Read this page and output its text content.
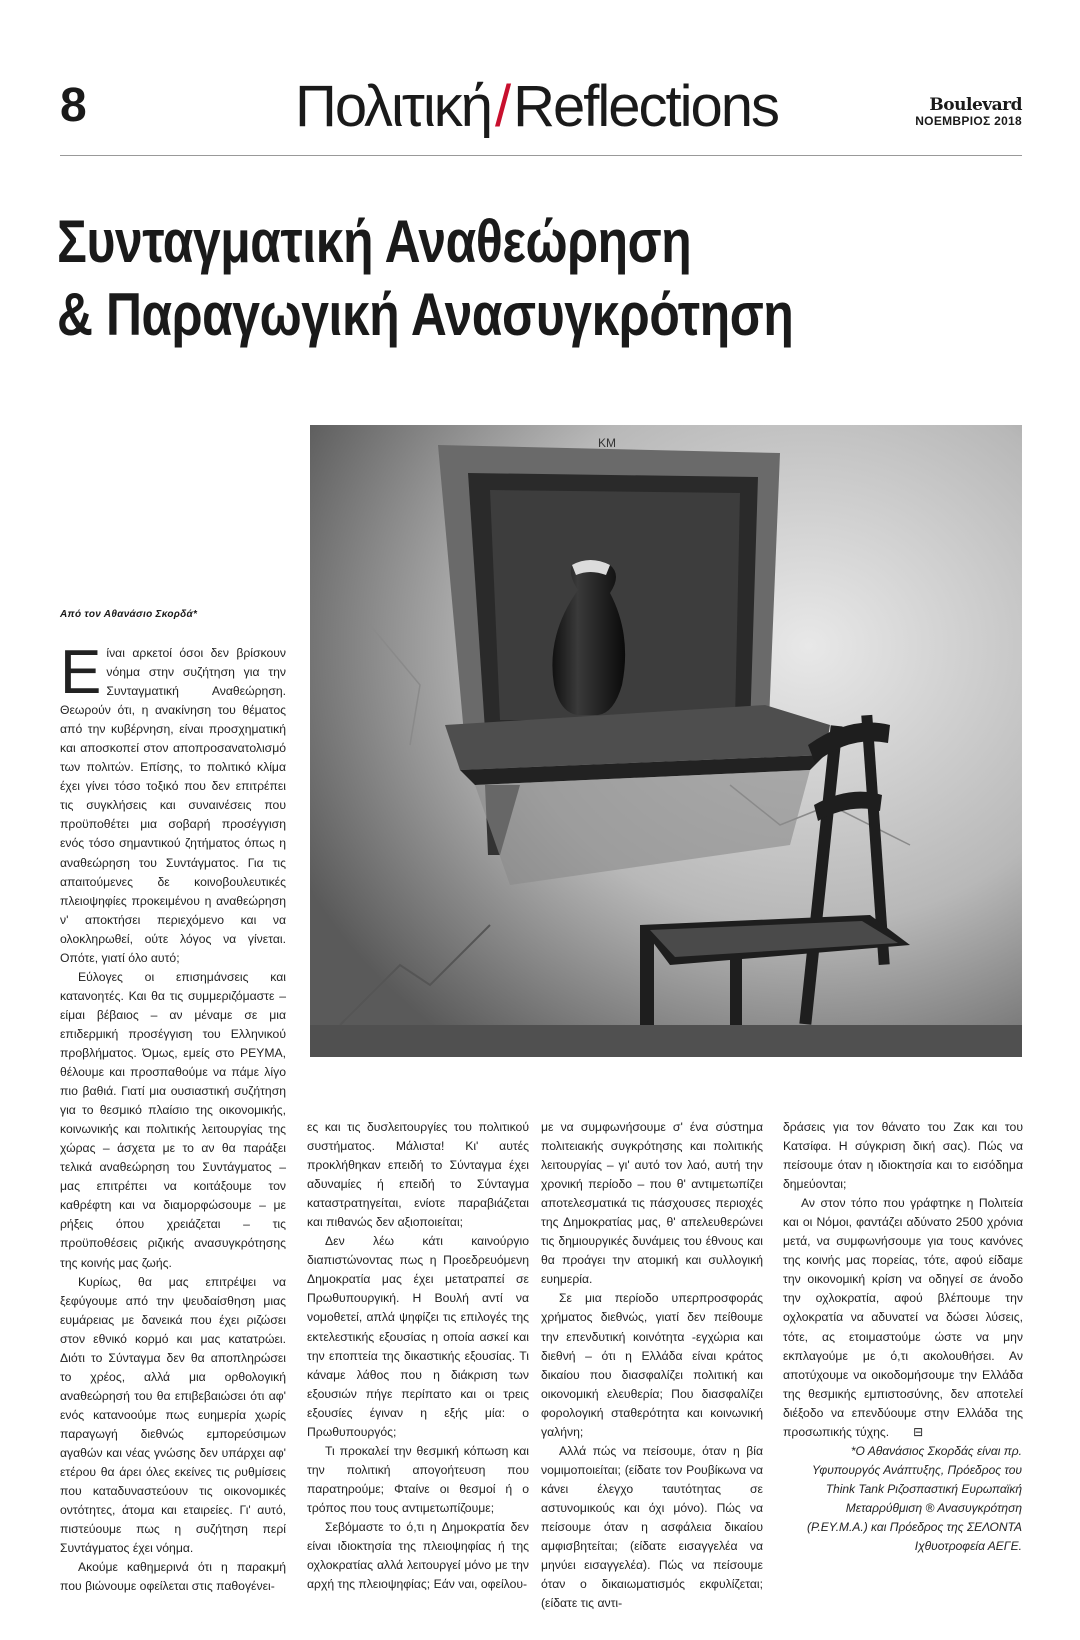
8	Πολιτική/Reflections	Boulevard
ΝΟΕΜΒΡΙΟΣ 2018
Συνταγματική Αναθεώρηση
& Παραγωγική Ανασυγκρότηση
ΚΜ
Από τον Αθανάσιο Σκορδά*

Είναι αρκετοί όσοι δεν βρίσκουν νόημα στην συζήτηση για την Συνταγματική Αναθεώρηση. Θεωρούν ότι, η ανακίνηση του θέματος από την κυβέρνηση, είναι προσχηματική και αποσκοπεί στον αποπροσανατολισμό των πολιτών. Επίσης, το πολιτικό κλίμα έχει γίνει τόσο τοξικό που δεν επιτρέπει τις συγκλήσεις και συναινέσεις που προϋποθέτει μια σοβαρή προσέγγιση ενός τόσο σημαντικού ζητήματος όπως η αναθεώρηση του Συντάγματος. Για τις απαιτούμενες δε κοινοβουλευτικές πλειοψηφίες προκειμένου η αναθεώρηση ν' αποκτήσει περιεχόμενο και να ολοκληρωθεί, ούτε λόγος να γίνεται. Οπότε, γιατί όλο αυτό;

Εύλογες οι επισημάνσεις και κατανοητές. Και θα τις συμμεριζόμαστε – είμαι βέβαιος – αν μέναμε σε μια επιδερμική προσέγγιση του Ελληνικού προβλήματος. Όμως, εμείς στο ΡΕΥΜΑ, θέλουμε και προσπαθούμε να πάμε λίγο πιο βαθιά. Γιατί μια ουσιαστική συζήτηση για το θεσμικό πλαίσιο της οικονομικής, κοινωνικής και πολιτικής λειτουργίας της χώρας – άσχετα με το αν θα παράξει τελικά αναθεώρηση του Συντάγματος – μας επιτρέπει να κοιτάξουμε τον καθρέφτη και να διαμορφώσουμε – με ρήξεις όπου χρειάζεται – τις προϋποθέσεις ριζικής ανασυγκρότησης της κοινής μας ζωής.

Κυρίως, θα μας επιτρέψει να ξεφύγουμε από την ψευδαίσθηση μιας ευμάρειας με δανεικά που έχει ριζώσει στον εθνικό κορμό και μας κατατρώει. Διότι το Σύνταγμα δεν θα αποπληρώσει το χρέος, αλλά μια ορθολογική αναθεώρησή του θα επιβεβαιώσει ότι αφ' ενός κατανοούμε πως ευημερία χωρίς παραγωγή διεθνώς εμπορεύσιμων αγαθών και νέας γνώσης δεν υπάρχει αφ' ετέρου θα άρει όλες εκείνες τις ρυθμίσεις που καταδυναστεύουν τις οικονομικές οντότητες, άτομα και εταιρείες. Γι' αυτό, πιστεύουμε πως η συζήτηση περί Συντάγματος έχει νόημα.

Ακούμε καθημερινά ότι η παρακμή που βιώνουμε οφείλεται στις παθογένει-

ες και τις δυσλειτουργίες του πολιτικού συστήματος. Μάλιστα! Κι' αυτές προκλήθηκαν επειδή το Σύνταγμα έχει αδυναμίες ή επειδή το Σύνταγμα καταστρατηγείται, ενίοτε παραβιάζεται και πιθανώς δεν αξιοποιείται;

Δεν λέω κάτι καινούργιο διαπιστώνοντας πως η Προεδρευόμενη Δημοκρατία μας έχει μετατραπεί σε Πρωθυπουργική. Η Βουλή αντί να νομοθετεί, απλά ψηφίζει τις επιλογές της εκτελεστικής εξουσίας η οποία ασκεί και την εποπτεία της δικαστικής εξουσίας. Τι κάναμε λάθος που η διάκριση των εξουσιών πήγε περίπατο και οι τρεις εξουσίες έγιναν η εξής μία: ο Πρωθυπουργός;

Τι προκαλεί την θεσμική κόπωση και την πολιτική απογοήτευση που παρατηρούμε; Φταίνε οι θεσμοί ή ο τρόπος που τους αντιμετωπίζουμε;

Σεβόμαστε το ό,τι η Δημοκρατία δεν είναι ιδιοκτησία της πλειοψηφίας ή της οχλοκρατίας αλλά λειτουργεί μόνο με την αρχή της πλειοψηφίας; Εάν ναι, οφείλου-

με να συμφωνήσουμε σ' ένα σύστημα πολιτειακής συγκρότησης και πολιτικής λειτουργίας – γι' αυτό τον λαό, αυτή την χρονική περίοδο – που θ' αντιμετωπίζει αποτελεσματικά τις πάσχουσες περιοχές της Δημοκρατίας μας, θ' απελευθερώνει τις δημιουργικές δυνάμεις του έθνους και θα προάγει την ατομική και συλλογική ευημερία.

Σε μια περίοδο υπερπροσφοράς χρήματος διεθνώς, γιατί δεν πείθουμε την επενδυτική κοινότητα -εγχώρια και διεθνή – ότι η Ελλάδα είναι κράτος δικαίου που διασφαλίζει πολιτική και οικονομική ελευθερία; Που διασφαλίζει φορολογική σταθερότητα και κοινωνική γαλήνη;

Αλλά πώς να πείσουμε, όταν η βία νομιμοποιείται; (είδατε τον Ρουβίκωνα να κάνει έλεγχο ταυτότητας σε αστυνομικούς και όχι μόνο). Πώς να πείσουμε όταν η ασφάλεια δικαίου αμφισβητείται; (είδατε εισαγγελέα να μηνύει εισαγγελέα). Πώς να πείσουμε όταν ο δικαιωματισμός εκφυλίζεται; (είδατε τις αντι-

δράσεις για τον θάνατο του Ζακ και του Κατσίφα. Η σύγκριση δική σας). Πώς να πείσουμε όταν η ιδιοκτησία και το εισόδημα δημεύονται;

Αν στον τόπο που γράφτηκε η Πολιτεία και οι Νόμοι, φαντάζει αδύνατο 2500 χρόνια μετά, να συμφωνήσουμε για τους κανόνες της κοινής μας πορείας, τότε, αφού είδαμε την οικονομική κρίση να οδηγεί σε άνοδο την οχλοκρατία, αφού βλέπουμε την οχλοκρατία να αδυνατεί να δώσει λύσεις, τότε, ας ετοιμαστούμε ώστε να μην εκπλαγούμε με ό,τι ακολουθήσει. Αν αποτύχουμε να οικοδομήσουμε την Ελλάδα της θεσμικής εμπιστοσύνης, δεν αποτελεί διέξοδο να επενδύουμε στην Ελλάδα της προσωπικής τύχης. ⊟

*Ο Αθανάσιος Σκορδάς είναι πρ. Υφυπουργός Ανάπτυξης, Πρόεδρος του Think Tank Ριζοσπαστική Ευρωπαϊκή Μεταρρύθμιση ® Ανασυγκρότηση (Ρ.ΕΥ.Μ.Α.) και Πρόεδρος της ΣΕΛΟΝΤΑ Ιχθυοτροφεία ΑΕΓΕ.
